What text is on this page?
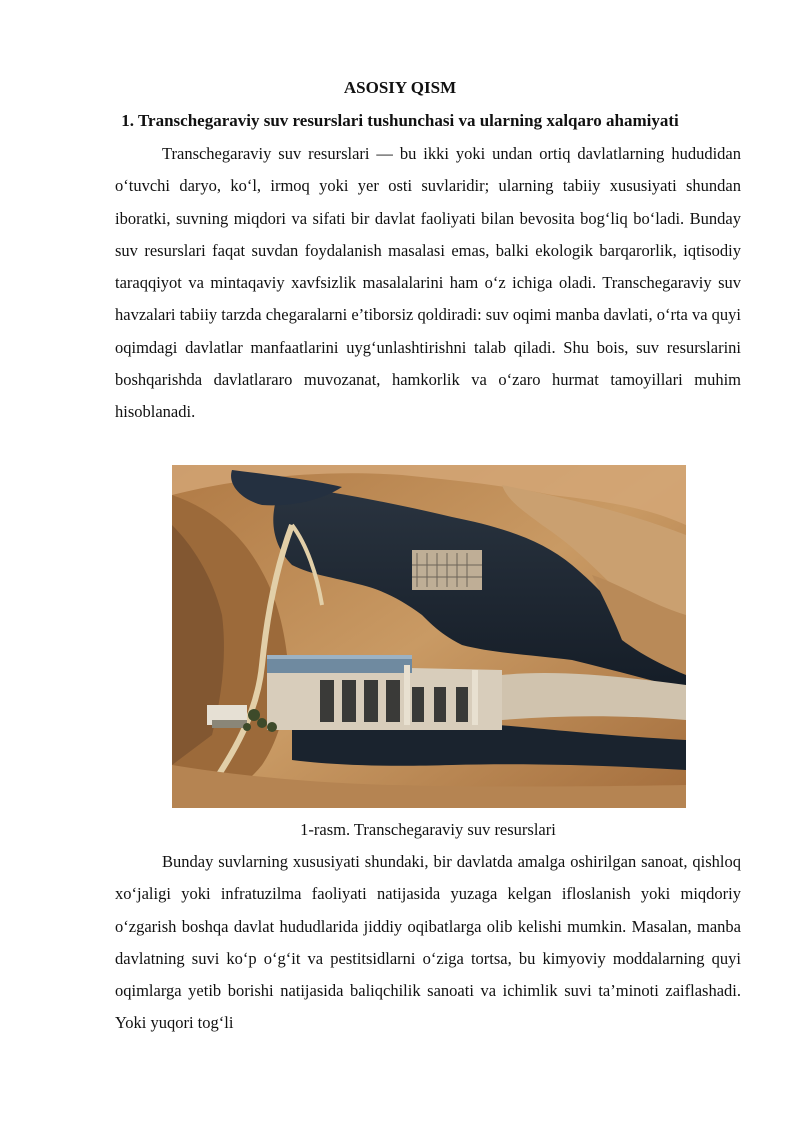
ASOSIY QISM
1. Transchegaraviy suv resurslari tushunchasi va ularning xalqaro ahamiyati

Transchegaraviy suv resurslari — bu ikki yoki undan ortiq davlatlarning hududidan o‘tuvchi daryo, ko‘l, irmoq yoki yer osti suvlaridir; ularning tabiiy xususiyati shundan iboratki, suvning miqdori va sifati bir davlat faoliyati bilan bevosita bog‘liq bo‘ladi. Bunday suv resurslari faqat suvdan foydalanish masalasi emas, balki ekologik barqarorlik, iqtisodiy taraqqiyot va mintaqaviy xavfsizlik masalalarini ham o‘z ichiga oladi. Transchegaraviy suv havzalari tabiiy tarzda chegaralarni e’tiborsiz qoldiradi: suv oqimi manba davlati, o‘rta va quyi oqimdagi davlatlar manfaatlarini uyg‘unlashtirishni talab qiladi. Shu bois, suv resurslarini boshqarishda davlatlararo muvozanat, hamkorlik va o‘zaro hurmat tamoyillari muhim hisoblanadi.

1-rasm. Transchegaraviy suv resurslari

Bunday suvlarning xususiyati shundaki, bir davlatda amalga oshirilgan sanoat, qishloq xo‘jaligi yoki infratuzilma faoliyati natijasida yuzaga kelgan ifloslanish yoki miqdoriy o‘zgarish boshqa davlat hududlarida jiddiy oqibatlarga olib kelishi mumkin. Masalan, manba davlatning suvi ko‘p o‘g‘it va pestitsidlarni o‘ziga tortsa, bu kimyoviy moddalarning quyi oqimlarga yetib borishi natijasida baliqchilik sanoati va ichimlik suvi ta’minoti zaiflashadi. Yoki yuqori tog‘li
